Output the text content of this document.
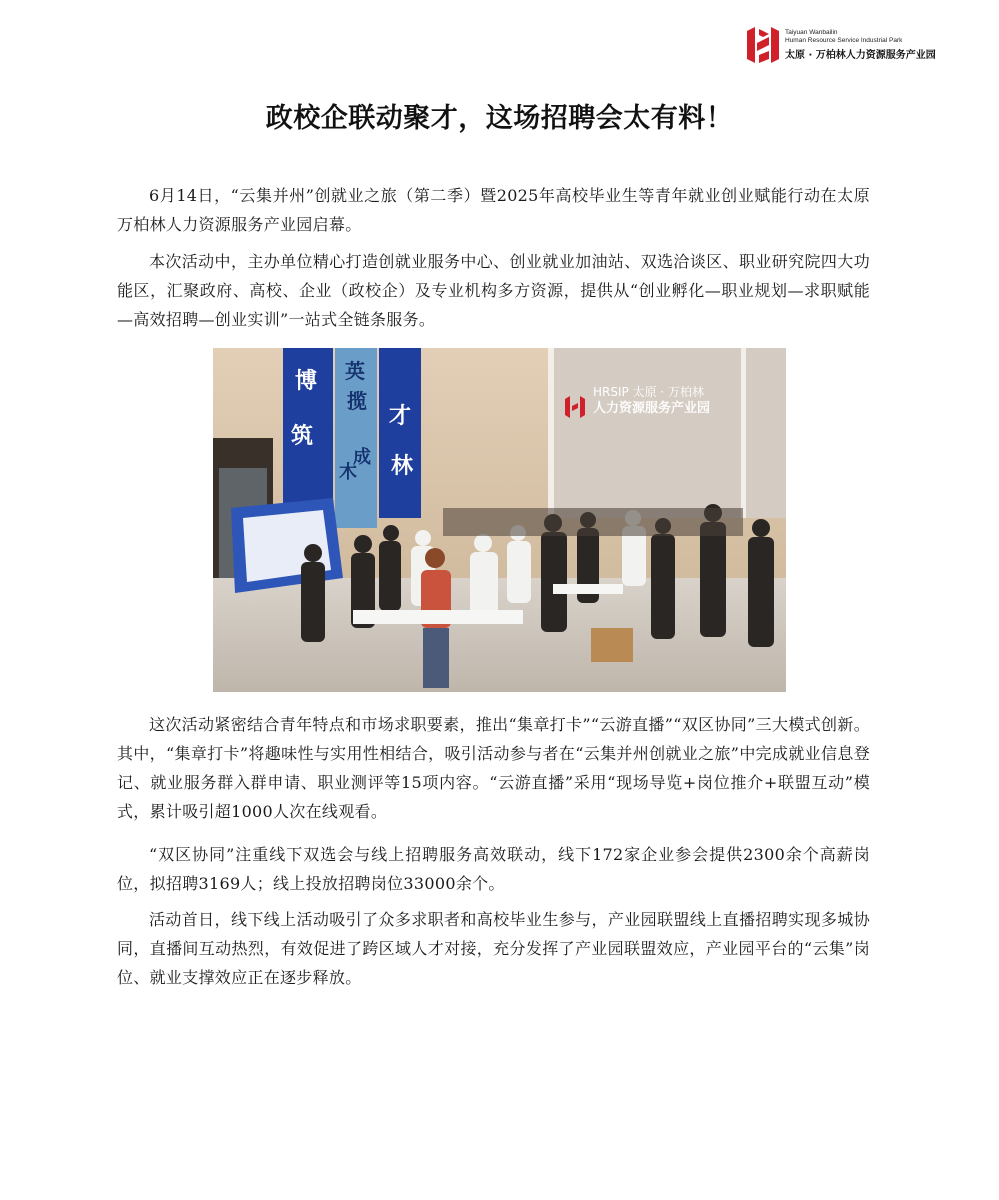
Taiyuan Wanbailin
Human Resource Service Industrial Park
太原 · 万柏林人力资源服务产业园
政校企联动聚才，这场招聘会太有料！

6月14日，“云集并州”创就业之旅（第二季）暨2025年高校毕业生等青年就业创业赋能行动在太原万柏林人力资源服务产业园启幕。

本次活动中，主办单位精心打造创就业服务中心、创业就业加油站、双选洽谈区、职业研究院四大功能区，汇聚政府、高校、企业（政校企）及专业机构多方资源，提供从“创业孵化—职业规划—求职赋能—高效招聘—创业实训”一站式全链条服务。

HRSIP 太原 · 万柏林
人力资源服务产业园
博
筑
英
揽
成
木
才
林

这次活动紧密结合青年特点和市场求职要素，推出“集章打卡”“云游直播”“双区协同”三大模式创新。其中，“集章打卡”将趣味性与实用性相结合，吸引活动参与者在“云集并州创就业之旅”中完成就业信息登记、就业服务群入群申请、职业测评等15项内容。“云游直播”采用“现场导览+岗位推介+联盟互动”模式，累计吸引超1000人次在线观看。

“双区协同”注重线下双选会与线上招聘服务高效联动，线下172家企业参会提供2300余个高薪岗位，拟招聘3169人；线上投放招聘岗位33000余个。

活动首日，线下线上活动吸引了众多求职者和高校毕业生参与，产业园联盟线上直播招聘实现多城协同，直播间互动热烈，有效促进了跨区域人才对接，充分发挥了产业园联盟效应，产业园平台的“云集”岗位、就业支撑效应正在逐步释放。
